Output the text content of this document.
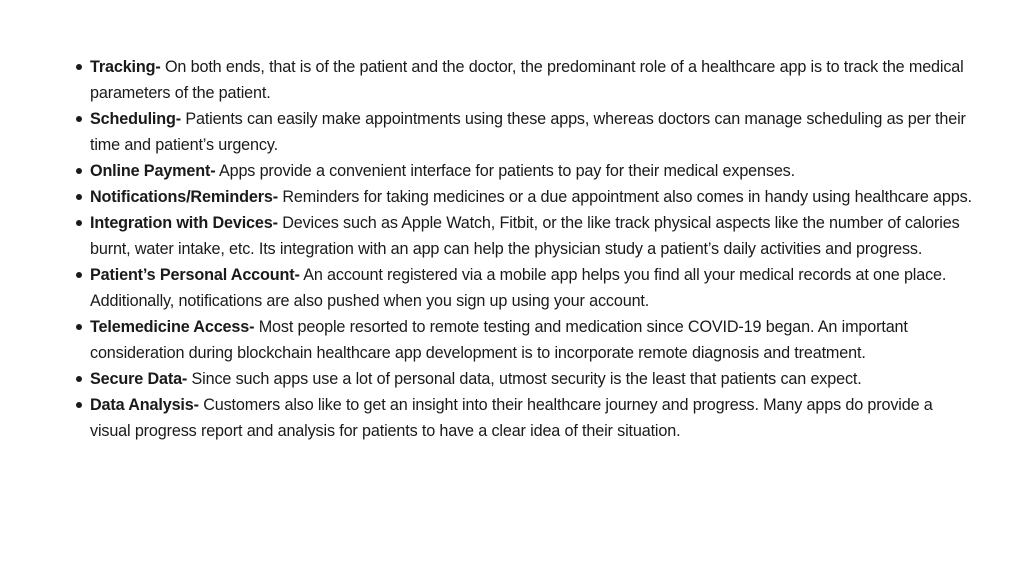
Tracking- On both ends, that is of the patient and the doctor, the predominant role of a healthcare app is to track the medical parameters of the patient.
Scheduling- Patients can easily make appointments using these apps, whereas doctors can manage scheduling as per their time and patient’s urgency.
Online Payment- Apps provide a convenient interface for patients to pay for their medical expenses.
Notifications/Reminders- Reminders for taking medicines or a due appointment also comes in handy using healthcare apps.
Integration with Devices- Devices such as Apple Watch, Fitbit, or the like track physical aspects like the number of calories burnt, water intake, etc. Its integration with an app can help the physician study a patient’s daily activities and progress.
Patient’s Personal Account- An account registered via a mobile app helps you find all your medical records at one place. Additionally, notifications are also pushed when you sign up using your account.
Telemedicine Access- Most people resorted to remote testing and medication since COVID-19 began. An important consideration during blockchain healthcare app development is to incorporate remote diagnosis and treatment.
Secure Data- Since such apps use a lot of personal data, utmost security is the least that patients can expect.
Data Analysis- Customers also like to get an insight into their healthcare journey and progress. Many apps do provide a visual progress report and analysis for patients to have a clear idea of their situation.
